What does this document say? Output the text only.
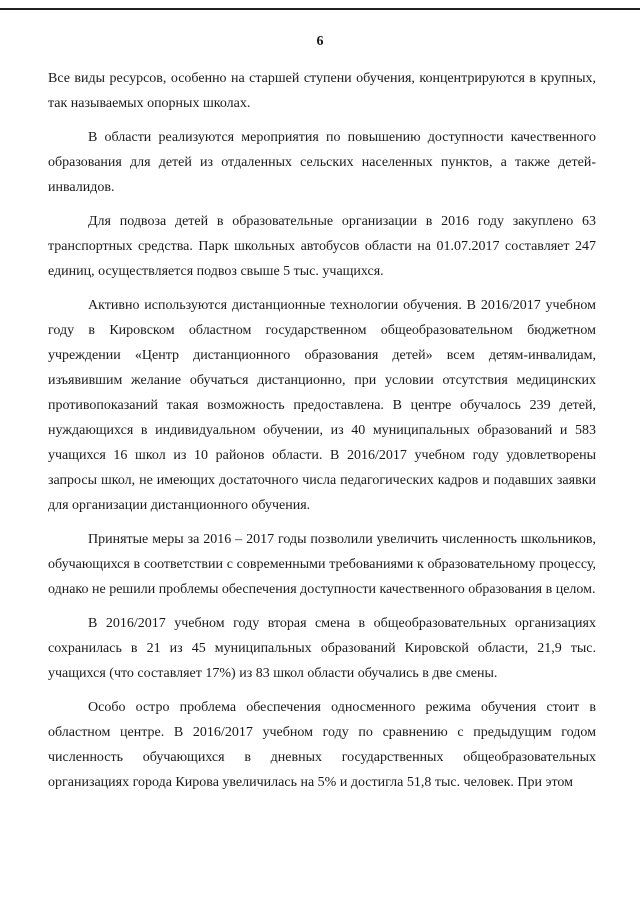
6

Все виды ресурсов, особенно на старшей ступени обучения, концентрируются в крупных, так называемых опорных школах.

В области реализуются мероприятия по повышению доступности качественного образования для детей из отдаленных сельских населенных пунктов, а также детей-инвалидов.

Для подвоза детей в образовательные организации в 2016 году закуплено 63 транспортных средства. Парк школьных автобусов области на 01.07.2017 составляет 247 единиц, осуществляется подвоз свыше 5 тыс. учащихся.

Активно используются дистанционные технологии обучения. В 2016/2017 учебном году в Кировском областном государственном общеобразовательном бюджетном учреждении «Центр дистанционного образования детей» всем детям-инвалидам, изъявившим желание обучаться дистанционно, при условии отсутствия медицинских противопоказаний такая возможность предоставлена. В центре обучалось 239 детей, нуждающихся в индивидуальном обучении, из 40 муниципальных образований и 583 учащихся 16 школ из 10 районов области. В 2016/2017 учебном году удовлетворены запросы школ, не имеющих достаточного числа педагогических кадров и подавших заявки для организации дистанционного обучения.

Принятые меры за 2016 – 2017 годы позволили увеличить численность школьников, обучающихся в соответствии с современными требованиями к образовательному процессу, однако не решили проблемы обеспечения доступности качественного образования в целом.

В 2016/2017 учебном году вторая смена в общеобразовательных организациях сохранилась в 21 из 45 муниципальных образований Кировской области, 21,9 тыс. учащихся (что составляет 17%) из 83 школ области обучались в две смены.

Особо остро проблема обеспечения односменного режима обучения стоит в областном центре. В 2016/2017 учебном году по сравнению с предыдущим годом численность обучающихся в дневных государственных общеобразовательных организациях города Кирова увеличилась на 5% и достигла 51,8 тыс. человек. При этом
